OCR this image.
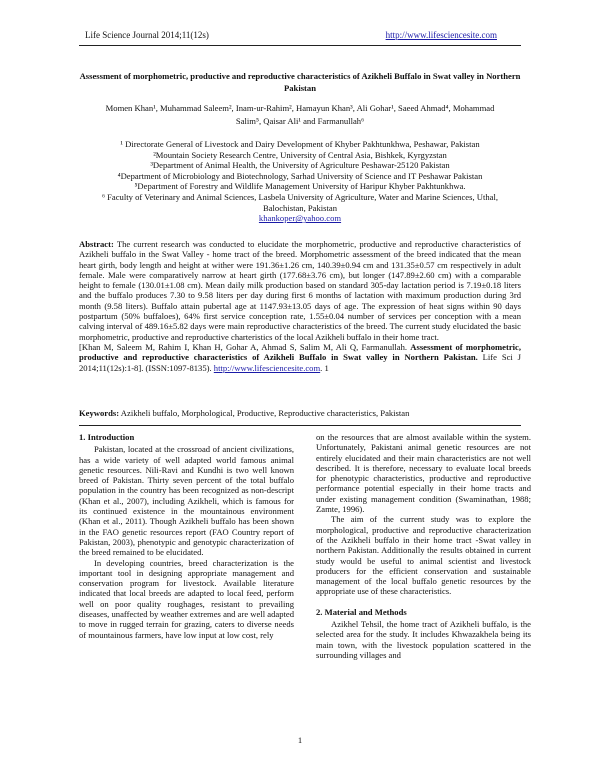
Life Science Journal 2014;11(12s)	http://www.lifesciencesite.com
Assessment of morphometric, productive and reproductive characteristics of Azikheli Buffalo in Swat valley in Northern Pakistan
Momen Khan¹, Muhammad Saleem², Inam-ur-Rahim², Hamayun Khan³, Ali Gohar¹, Saeed Ahmad⁴, Mohammad
Salim⁵, Qaisar Ali¹ and Farmanullah⁶
¹ Directorate General of Livestock and Dairy Development of Khyber Pakhtunkhwa, Peshawar, Pakistan
²Mountain Society Research Centre, University of Central Asia, Bishkek, Kyrgyzstan
³Department of Animal Health, the University of Agriculture Peshawar-25120 Pakistan
⁴Department of Microbiology and Biotechnology, Sarhad University of Science and IT Peshawar Pakistan
⁵Department of Forestry and Wildlife Management University of Haripur Khyber Pakhtunkhwa.
⁶ Faculty of Veterinary and Animal Sciences, Lasbela University of Agriculture, Water and Marine Sciences, Uthal,
Balochistan, Pakistan
khankoper@yahoo.com
Abstract: The current research was conducted to elucidate the morphometric, productive and reproductive characteristics of Azikheli buffalo in the Swat Valley - home tract of the breed. Morphometric assessment of the breed indicated that the mean heart girth, body length and height at wither were 191.36±1.26 cm, 140.39±0.94 cm and 131.35±0.57 cm respectively in adult female. Male were comparatively narrow at heart girth (177.68±3.76 cm), but longer (147.89±2.60 cm) with a comparable height to female (130.01±1.08 cm). Mean daily milk production based on standard 305-day lactation period is 7.19±0.18 liters and the buffalo produces 7.30 to 9.58 liters per day during first 6 months of lactation with maximum production during 3rd month (9.58 liters). Buffalo attain pubertal age at 1147.93±13.05 days of age. The expression of heat signs within 90 days postpartum (50% buffaloes), 64% first service conception rate, 1.55±0.04 number of services per conception with a mean calving interval of 489.16±5.82 days were main reproductive characteristics of the breed. The current study elucidated the basic morphometric, productive and reproductive charteristics of the local Azikheli buffalo in their home tract.
[Khan M, Saleem M, Rahim I, Khan H, Gohar A, Ahmad S, Salim M, Ali Q, Farmanullah. Assessment of morphometric, productive and reproductive characteristics of Azikheli Buffalo in Swat valley in Northern Pakistan. Life Sci J 2014;11(12s):1-8]. (ISSN:1097-8135). http://www.lifesciencesite.com. 1
Keywords: Azikheli buffalo, Morphological, Productive, Reproductive characteristics, Pakistan
1. Introduction

Pakistan, located at the crossroad of ancient civilizations, has a wide variety of well adapted world famous animal genetic resources. Nili-Ravi and Kundhi is two well known breed of Pakistan. Thirty seven percent of the total buffalo population in the country has been recognized as non-descript (Khan et al., 2007), including Azikheli, which is famous for its continued existence in the mountainous environment (Khan et al., 2011). Though Azikheli buffalo has been shown in the FAO genetic resources report (FAO Country report of Pakistan, 2003), phenotypic and genotypic characterization of the breed remained to be elucidated.

In developing countries, breed characterization is the important tool in designing appropriate management and conservation program for livestock. Available literature indicated that local breeds are adapted to local feed, perform well on poor quality roughages, resistant to prevailing diseases, unaffected by weather extremes and are well adapted to move in rugged terrain for grazing, caters to diverse needs of mountainous farmers, have low input at low cost, rely

on the resources that are almost available within the system. Unfortunately, Pakistani animal genetic resources are not entirely elucidated and their main characteristics are not well described. It is therefore, necessary to evaluate local breeds for phenotypic characteristics, productive and reproductive performance potential especially in their home tracts and under existing management condition (Swaminathan, 1988; Zamte, 1996).

The aim of the current study was to explore the morphological, productive and reproductive characterization of the Azikheli buffalo in their home tract -Swat valley in northern Pakistan. Additionally the results obtained in current study would be useful to animal scientist and livestock producers for the efficient conservation and sustainable management of the local buffalo genetic resources by the appropriate use of these characteristics.

2. Material and Methods

Azikhel Tehsil, the home tract of Azikheli buffalo, is the selected area for the study. It includes Khwazakhela being its main town, with the livestock population scattered in the surrounding villages and

1
